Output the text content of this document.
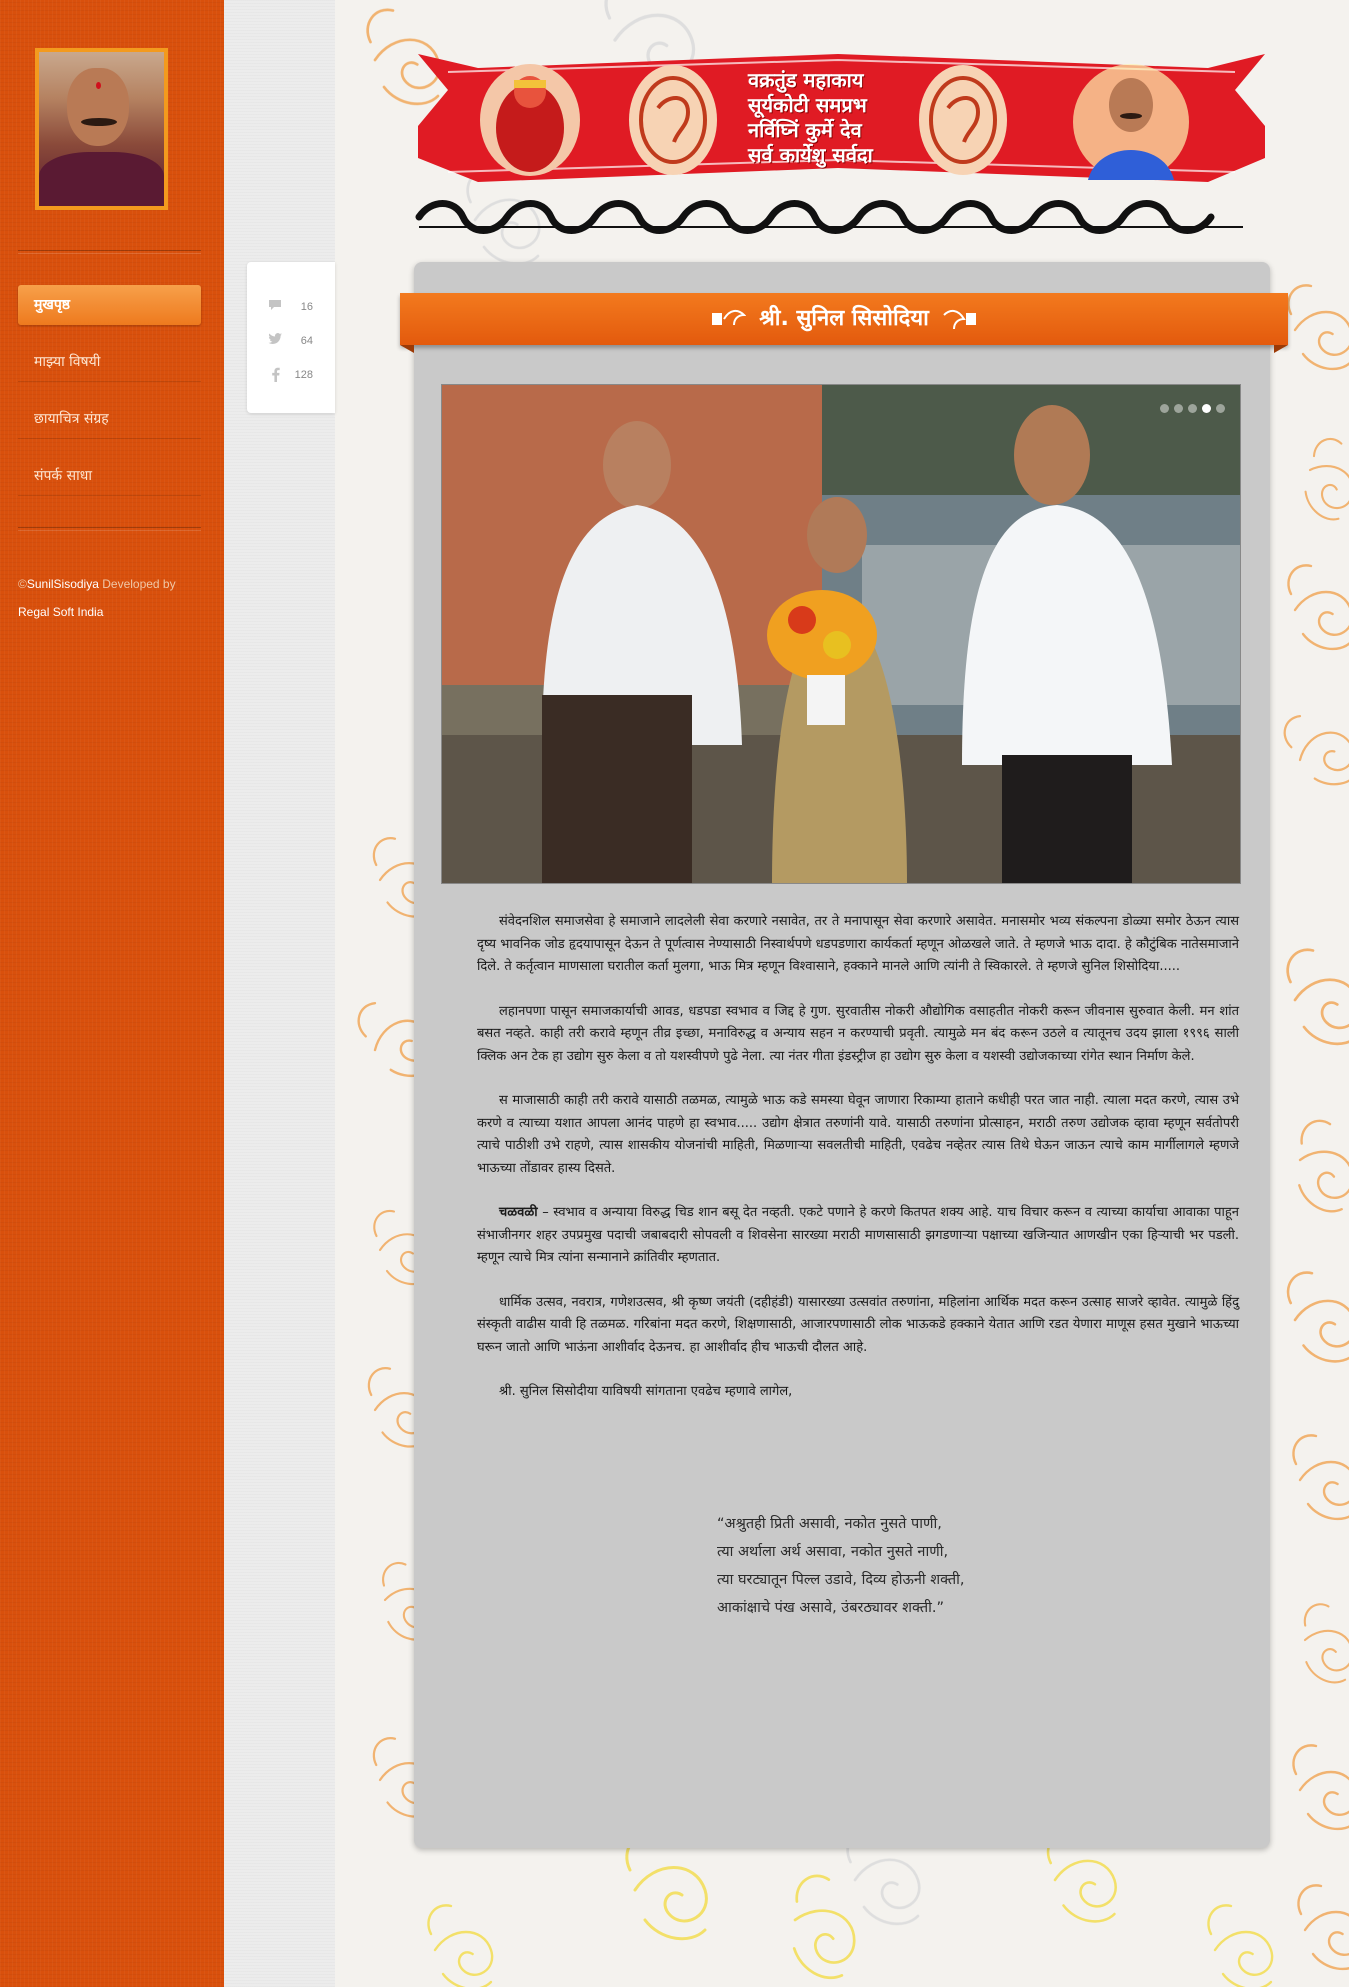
मुखपृष्ठ
माझ्या विषयी
छायाचित्र संग्रह
संपर्क साधा
©SunilSisodiya Developed by
Regal Soft India
16
64
128
वक्रतुंड महाकाय
सूर्यकोटी समप्रभ
नर्विघ्निं कुर्मे देव
सर्व कार्येशु सर्वदा
श्री. सुनिल सिसोदिया

संवेदनशिल समाजसेवा हे समाजाने लादलेली सेवा करणारे नसावेत, तर ते मनापासून सेवा करणारे असावेत. मनासमोर भव्य संकल्पना डोळ्या समोर ठेऊन त्यास दृष्य भावनिक जोड हृदयापासून देऊन ते पूर्णत्वास नेण्यासाठी निस्वार्थपणे धडपडणारा कार्यकर्ता म्हणून ओळखले जाते. ते म्हणजे भाऊ दादा. हे कौटुंबिक नातेसमाजाने दिले. ते कर्तृत्वान माणसाला घरातील कर्ता मुलगा, भाऊ मित्र म्हणून विश्वासाने, हक्काने मानले आणि त्यांनी ते स्विकारले. ते म्हणजे सुनिल शिसोदिया.....

लहानपणा पासून समाजकार्याची आवड, धडपडा स्वभाव व जिद्द हे गुण. सुरवातीस नोकरी औद्योगिक वसाहतीत नोकरी करून जीवनास सुरुवात केली. मन शांत बसत नव्हते. काही तरी करावे म्हणून तीव्र इच्छा, मनाविरुद्ध व अन्याय सहन न करण्याची प्रवृती. त्यामुळे मन बंद करून उठले व त्यातूनच उदय झाला १९९६ साली क्लिक अन टेक हा उद्योग सुरु केला व तो यशस्वीपणे पुढे नेला. त्या नंतर गीता इंडस्ट्रीज हा उद्योग सुरु केला व यशस्वी उद्योजकाच्या रांगेत स्थान निर्माण केले.

स माजासाठी काही तरी करावे यासाठी तळमळ, त्यामुळे भाऊ कडे समस्या घेवून जाणारा रिकाम्या हाताने कधीही परत जात नाही. त्याला मदत करणे, त्यास उभे करणे व त्याच्या यशात आपला आनंद पाहणे हा स्वभाव..... उद्योग क्षेत्रात तरुणांनी यावे. यासाठी तरुणांना प्रोत्साहन, मराठी तरुण उद्योजक व्हावा म्हणून सर्वतोपरी त्याचे पाठीशी उभे राहणे, त्यास शासकीय योजनांची माहिती, मिळणाऱ्या सवलतीची माहिती, एवढेच नव्हेतर त्यास तिथे घेऊन जाऊन त्याचे काम मार्गीलागले म्हणजे भाऊच्या तोंडावर हास्य दिसते.

चळवळी – स्वभाव व अन्याया विरुद्ध चिड शान बसू देत नव्हती. एकटे पणाने हे करणे कितपत शक्य आहे. याच विचार करून व त्याच्या कार्याचा आवाका पाहून संभाजीनगर शहर उपप्रमुख पदाची जबाबदारी सोपवली व शिवसेना सारख्या मराठी माणसासाठी झगडणाऱ्या पक्षाच्या खजिन्यात आणखीन एका हिऱ्याची भर पडली. म्हणून त्याचे मित्र त्यांना सन्मानाने क्रांतिवीर म्हणतात.

धार्मिक उत्सव, नवरात्र, गणेशउत्सव, श्री कृष्ण जयंती (दहीहंडी) यासारख्या उत्सवांत तरुणांना, महिलांना आर्थिक मदत करून उत्साह साजरे व्हावेत. त्यामुळे हिंदु संस्कृती वाढीस यावी हि तळमळ. गरिबांना मदत करणे, शिक्षणासाठी, आजारपणासाठी लोक भाऊकडे हक्काने येतात आणि रडत येणारा माणूस हसत मुखाने भाऊच्या घरून जातो आणि भाऊंना आशीर्वाद देऊनच. हा आशीर्वाद हीच भाऊची दौलत आहे.

श्री. सुनिल सिसोदीया याविषयी सांगताना एवढेच म्हणावे लागेल,

“अश्रुतही प्रिती असावी, नकोत नुसते पाणी,
त्या अर्थाला अर्थ असावा, नकोत नुसते नाणी,
त्या घरट्यातून पिल्ल उडावे, दिव्य होऊनी शक्ती,
आकांक्षाचे पंख असावे, उंबरठ्यावर शक्ती.”
